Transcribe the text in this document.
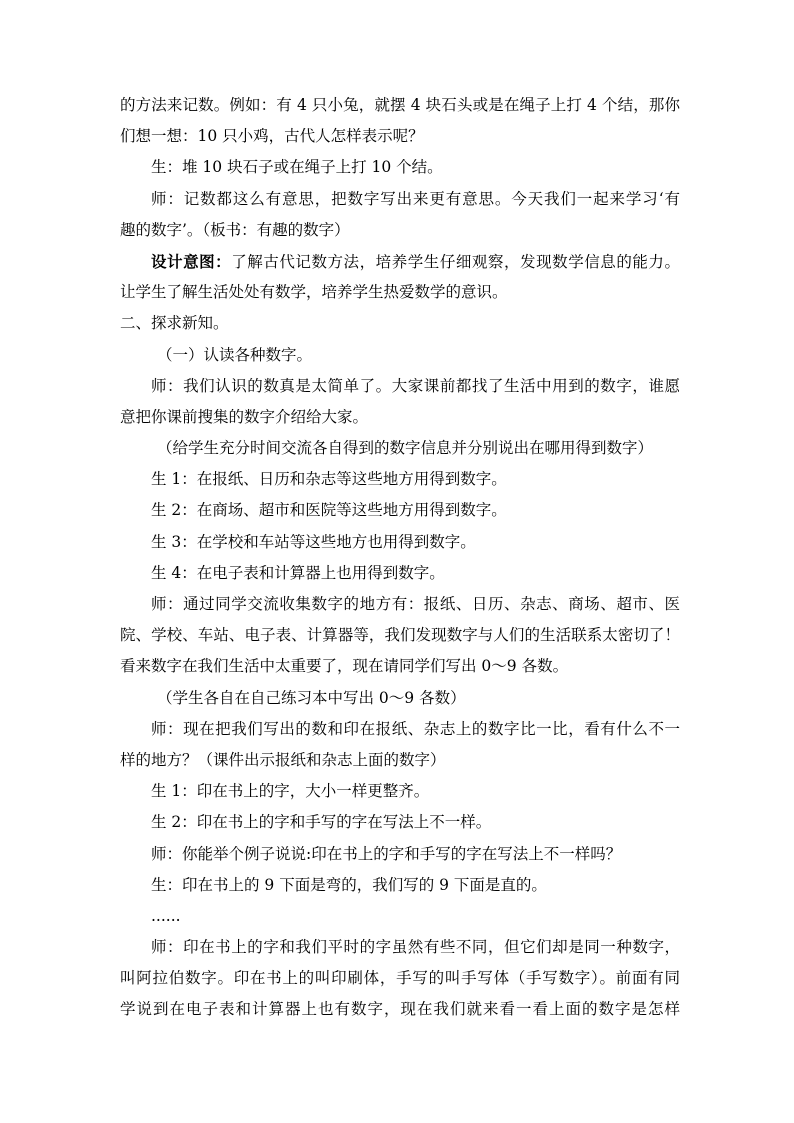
的方法来记数。例如：有 4 只小兔，就摆 4 块石头或是在绳子上打 4 个结，那你
们想一想：10 只小鸡，古代人怎样表示呢？
生：堆 10 块石子或在绳子上打 10 个结。
师：记数都这么有意思，把数字写出来更有意思。今天我们一起来学习‘有
趣的数字’。（板书：有趣的数字）
设计意图：了解古代记数方法，培养学生仔细观察，发现数学信息的能力。
让学生了解生活处处有数学，培养学生热爱数学的意识。
二、探求新知。
（一）认读各种数字。
师：我们认识的数真是太简单了。大家课前都找了生活中用到的数字，谁愿
意把你课前搜集的数字介绍给大家。
（给学生充分时间交流各自得到的数字信息并分别说出在哪用得到数字）
生 1：在报纸、日历和杂志等这些地方用得到数字。
生 2：在商场、超市和医院等这些地方用得到数字。
生 3：在学校和车站等这些地方也用得到数字。
生 4：在电子表和计算器上也用得到数字。
师：通过同学交流收集数字的地方有：报纸、日历、杂志、商场、超市、医
院、学校、车站、电子表、计算器等，我们发现数字与人们的生活联系太密切了！
看来数字在我们生活中太重要了，现在请同学们写出 0～9 各数。
（学生各自在自己练习本中写出 0～9 各数）
师：现在把我们写出的数和印在报纸、杂志上的数字比一比，看有什么不一
样的地方？（课件出示报纸和杂志上面的数字）
生 1：印在书上的字，大小一样更整齐。
生 2：印在书上的字和手写的字在写法上不一样。
师：你能举个例子说说:印在书上的字和手写的字在写法上不一样吗？
生：印在书上的 9 下面是弯的，我们写的 9 下面是直的。
......
师：印在书上的字和我们平时的字虽然有些不同，但它们却是同一种数字，
叫阿拉伯数字。印在书上的叫印刷体，手写的叫手写体（手写数字）。前面有同
学说到在电子表和计算器上也有数字，现在我们就来看一看上面的数字是怎样
